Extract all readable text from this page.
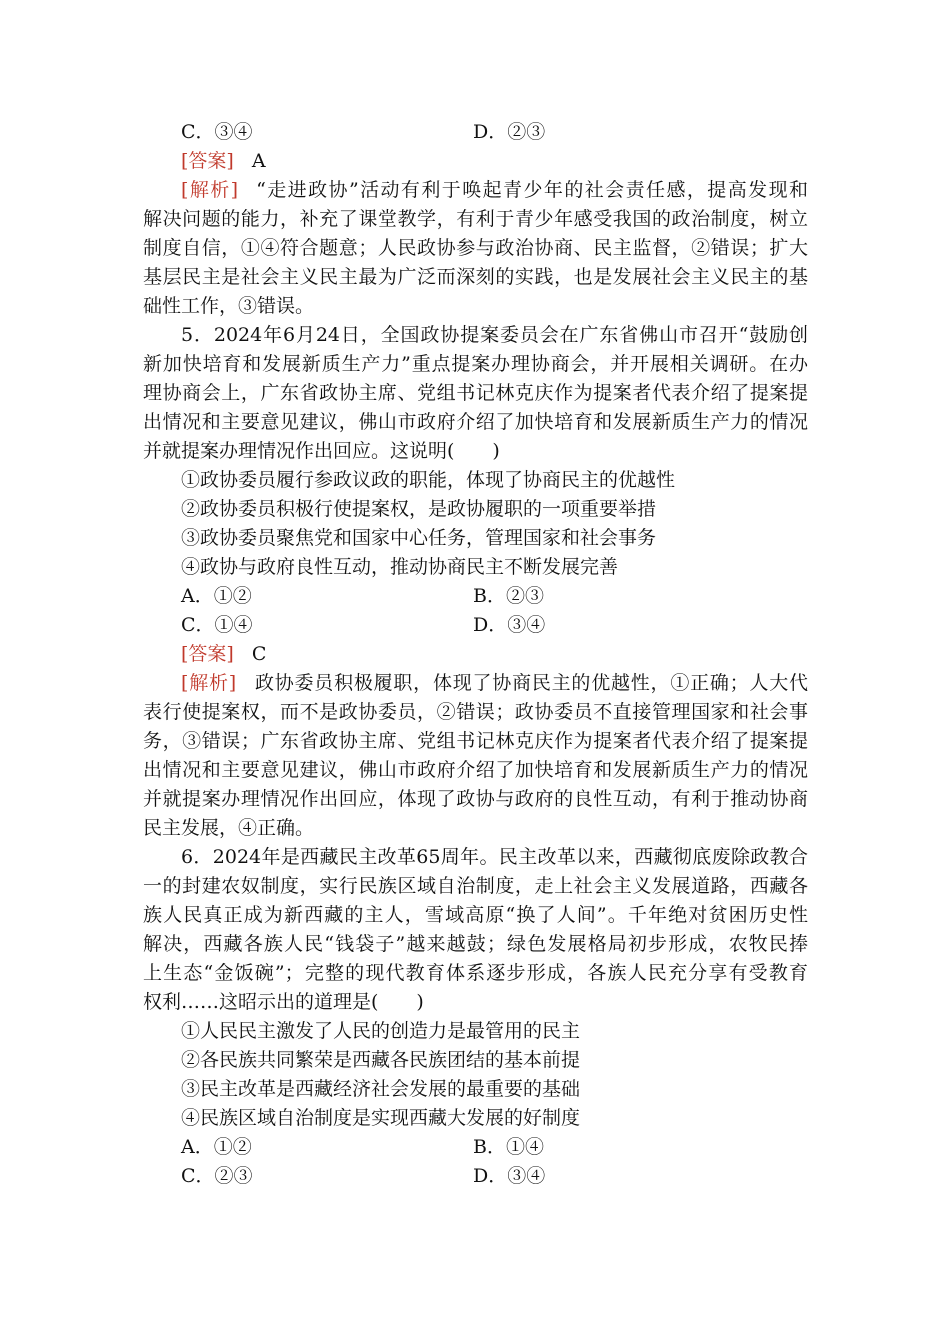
C．③④	D．②③
[答案] A
[解析] “走进政协”活动有利于唤起青少年的社会责任感，提高发现和
解决问题的能力，补充了课堂教学，有利于青少年感受我国的政治制度，树立
制度自信，①④符合题意；人民政协参与政治协商、民主监督，②错误；扩大
基层民主是社会主义民主最为广泛而深刻的实践，也是发展社会主义民主的基
础性工作，③错误。
5．2024年6月24日，全国政协提案委员会在广东省佛山市召开“鼓励创
新加快培育和发展新质生产力”重点提案办理协商会，并开展相关调研。在办
理协商会上，广东省政协主席、党组书记林克庆作为提案者代表介绍了提案提
出情况和主要意见建议，佛山市政府介绍了加快培育和发展新质生产力的情况
并就提案办理情况作出回应。这说明(　　)
①政协委员履行参政议政的职能，体现了协商民主的优越性
②政协委员积极行使提案权，是政协履职的一项重要举措
③政协委员聚焦党和国家中心任务，管理国家和社会事务
④政协与政府良性互动，推动协商民主不断发展完善
A．①②	B．②③
C．①④	D．③④
[答案] C
[解析] 政协委员积极履职，体现了协商民主的优越性，①正确；人大代
表行使提案权，而不是政协委员，②错误；政协委员不直接管理国家和社会事
务，③错误；广东省政协主席、党组书记林克庆作为提案者代表介绍了提案提
出情况和主要意见建议，佛山市政府介绍了加快培育和发展新质生产力的情况
并就提案办理情况作出回应，体现了政协与政府的良性互动，有利于推动协商
民主发展，④正确。
6．2024年是西藏民主改革65周年。民主改革以来，西藏彻底废除政教合
一的封建农奴制度，实行民族区域自治制度，走上社会主义发展道路，西藏各
族人民真正成为新西藏的主人，雪域高原“换了人间”。千年绝对贫困历史性
解决，西藏各族人民“钱袋子”越来越鼓；绿色发展格局初步形成，农牧民捧
上生态“金饭碗”；完整的现代教育体系逐步形成，各族人民充分享有受教育
权利……这昭示出的道理是(　　)
①人民民主激发了人民的创造力是最管用的民主
②各民族共同繁荣是西藏各民族团结的基本前提
③民主改革是西藏经济社会发展的最重要的基础
④民族区域自治制度是实现西藏大发展的好制度
A．①②	B．①④
C．②③	D．③④
